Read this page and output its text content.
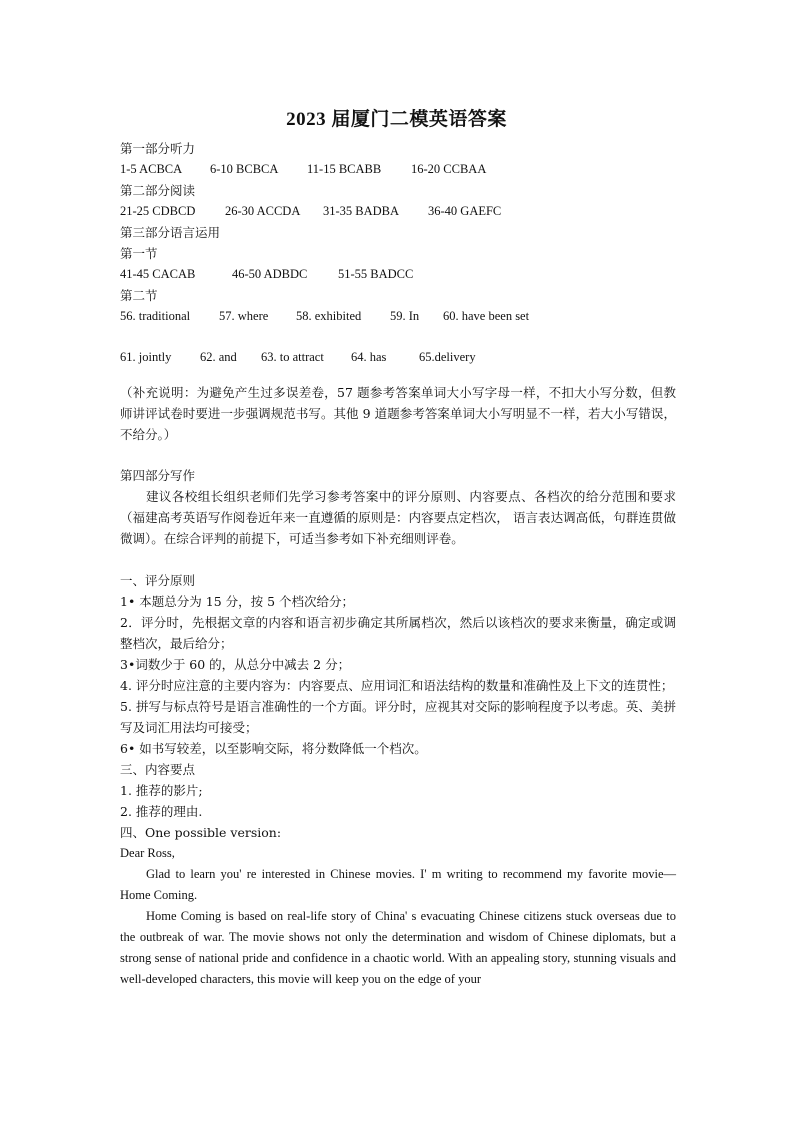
2023 届厦门二模英语答案
第一部分听力
1-5 ACBCA	6-10 BCBCA	11-15 BCABB	16-20 CCBAA
第二部分阅读
21-25 CDBCD	26-30 ACCDA	31-35 BADBA	36-40 GAEFC
第三部分语言运用
第一节
41-45 CACAB	46-50 ADBDC	51-55 BADCC
第二节
56. traditional	57. where	58. exhibited	59. In	60. have been set
61. jointly	62. and	63. to attract	64. has	65.delivery
（补充说明：为避免产生过多误差卷，57 题参考答案单词大小写字母一样，不扣大小写分数，但教师讲评试卷时要进一步强调规范书写。其他 9 道题参考答案单词大小写明显不一样，若大小写错误，不给分。）
第四部分写作
建议各校组长组织老师们先学习参考答案中的评分原则、内容要点、各档次的给分范围和要求（福建高考英语写作阅卷近年来一直遵循的原则是：内容要点定档次， 语言表达调高低，句群连贯做微调）。在综合评判的前提下，可适当参考如下补充细则评卷。
一、评分原则
1• 本题总分为 15 分，按 5 个档次给分；
2．评分时，先根据文章的内容和语言初步确定其所属档次，然后以该档次的要求来衡量，确定或调整档次，最后给分；
3•词数少于 60 的，从总分中减去 2 分；
4. 评分时应注意的主要内容为：内容要点、应用词汇和语法结构的数量和准确性及上下文的连贯性；
5. 拼写与标点符号是语言准确性的一个方面。评分时，应视其对交际的影响程度予以考虑。英、美拼写及词汇用法均可接受；
6• 如书写较差，以至影响交际，将分数降低一个档次。
三、内容要点
1. 推荐的影片;
2. 推荐的理由.
四、One possible version:
Dear Ross,
Glad to learn you' re interested in Chinese movies. I' m writing to recommend my favorite movie— Home Coming.
Home Coming is based on real-life story of China' s evacuating Chinese citizens stuck overseas due to the outbreak of war. The movie shows not only the determination and wisdom of Chinese diplomats, but a strong sense of national pride and confidence in a chaotic world. With an appealing story, stunning visuals and well-developed characters, this movie will keep you on the edge of your
